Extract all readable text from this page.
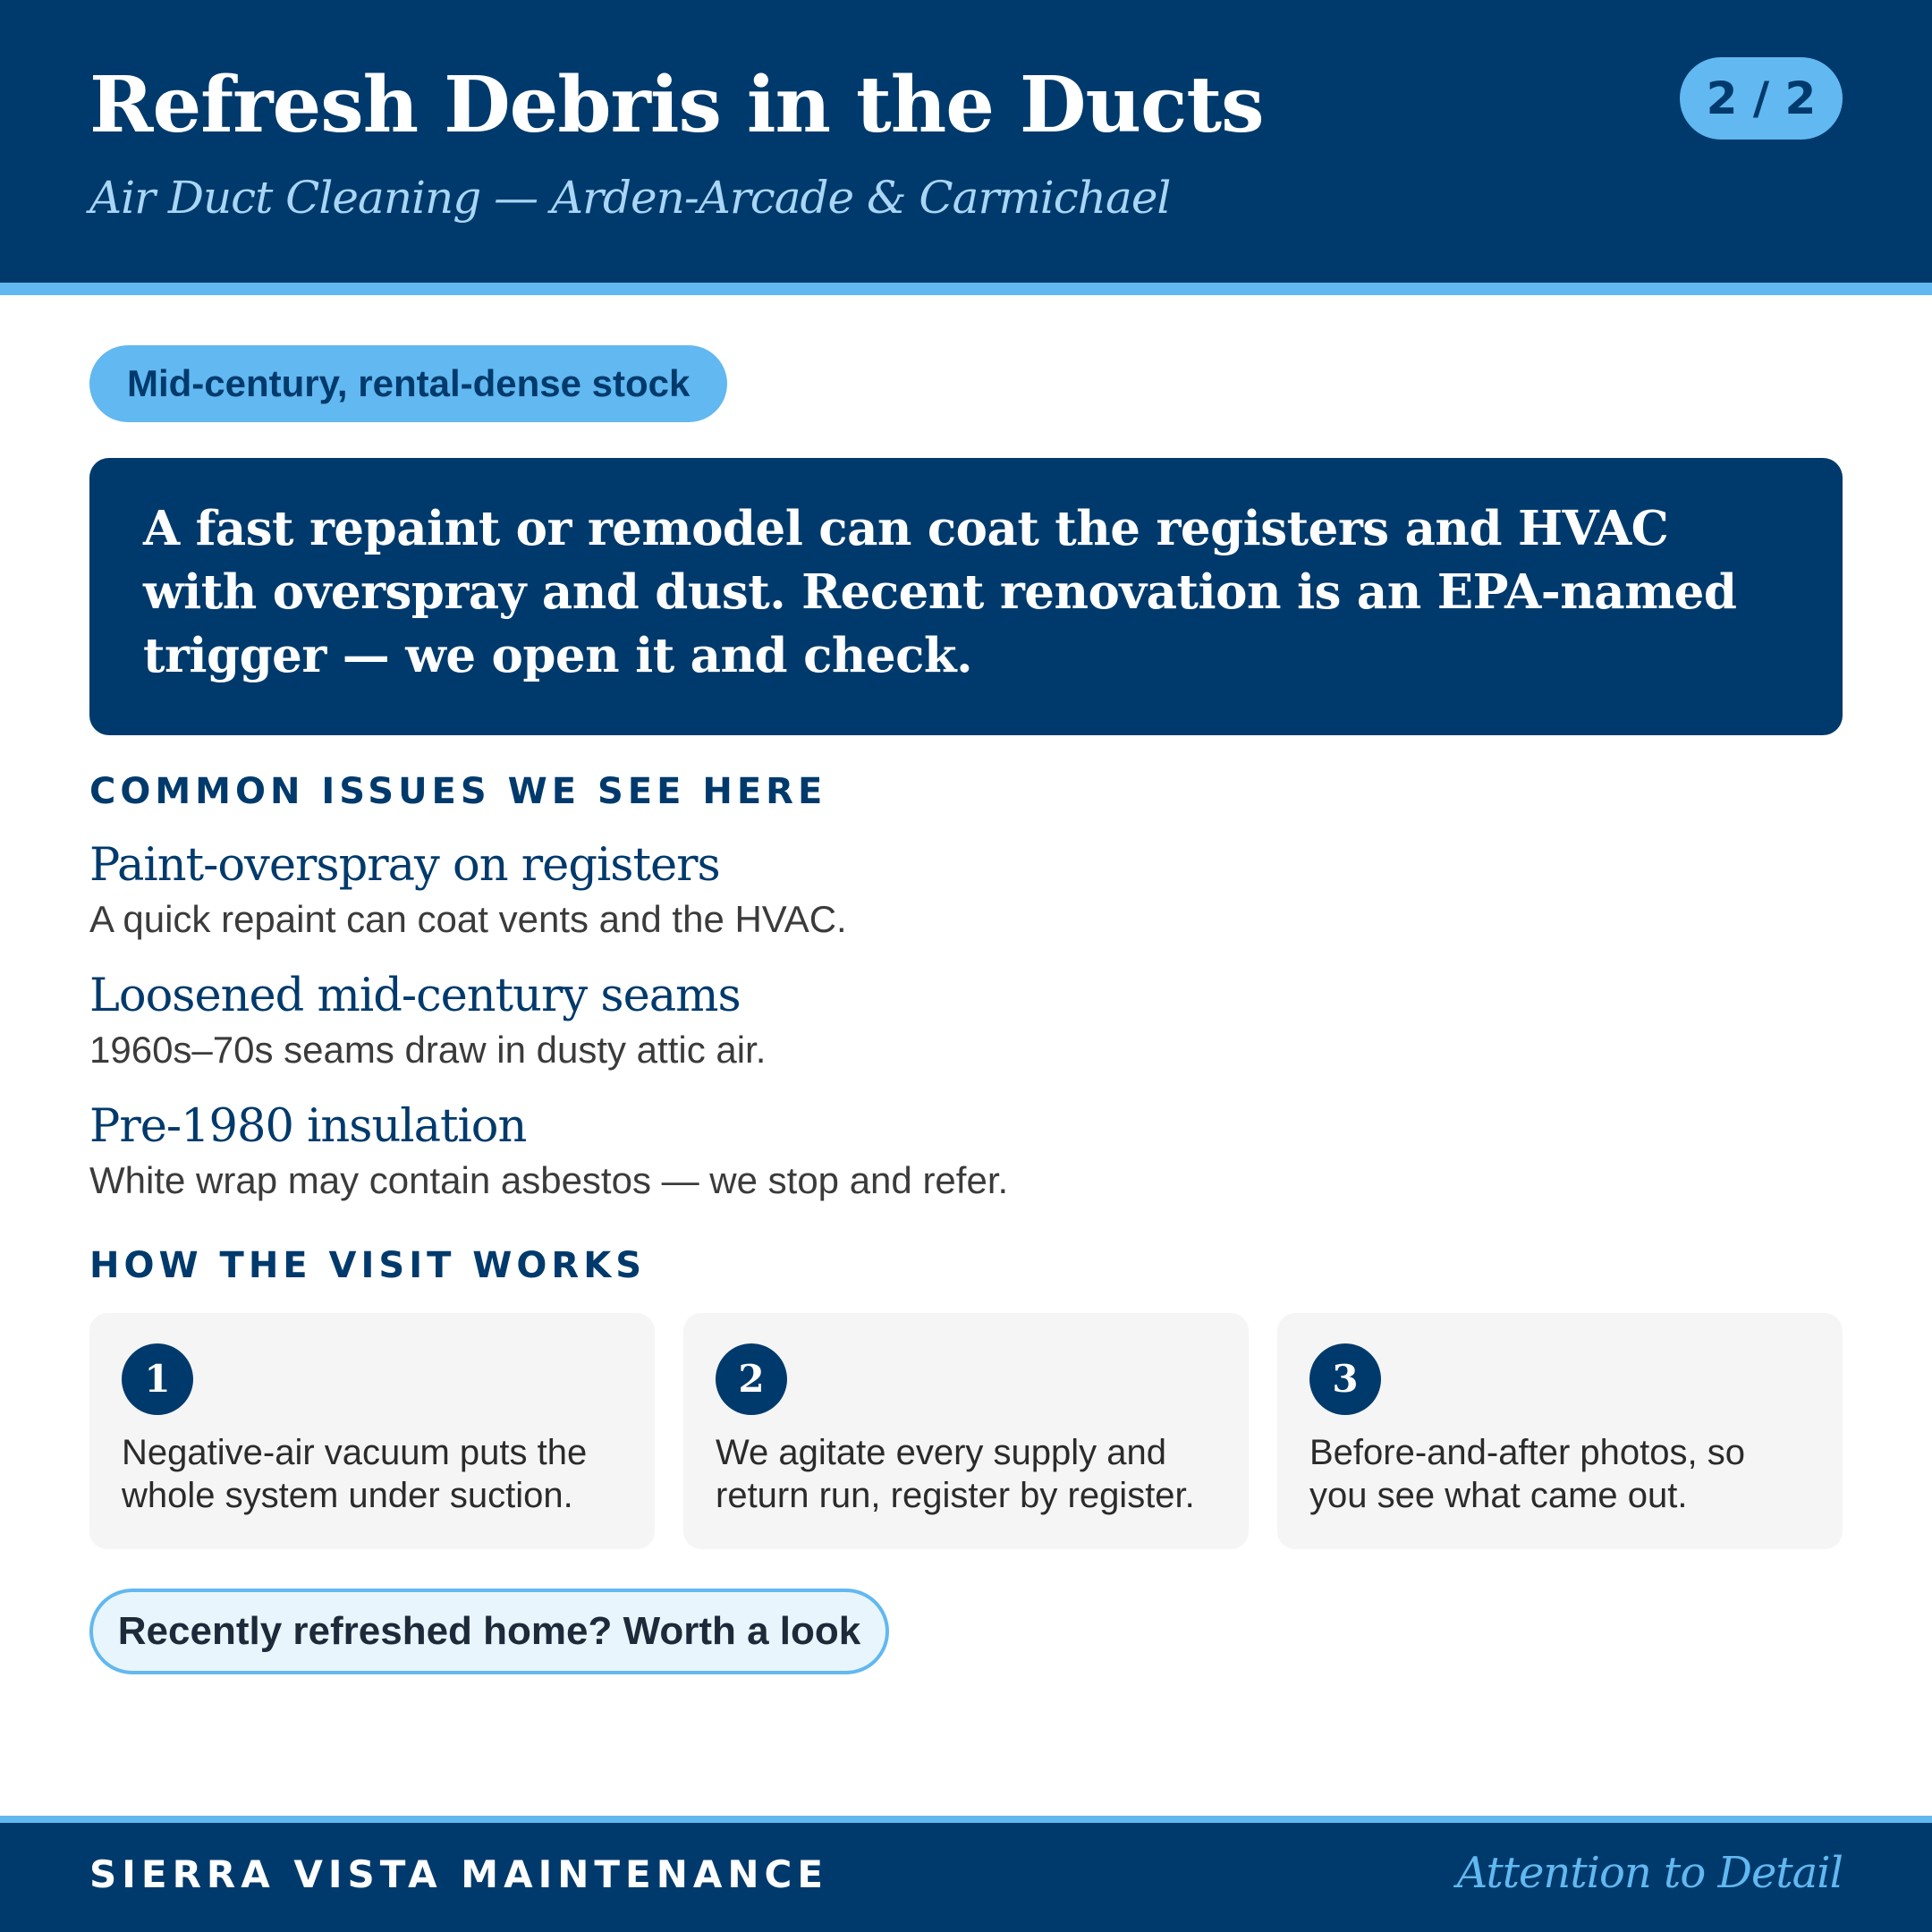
Refresh Debris in the Ducts

Air Duct Cleaning — Arden-Arcade & Carmichael

2 / 2
Mid-century, rental-dense stock
A fast repaint or remodel can coat the registers and HVAC with overspray and dust. Recent renovation is an EPA-named trigger — we open it and check.
COMMON ISSUES WE SEE HERE
Paint-overspray on registers
A quick repaint can coat vents and the HVAC.
Loosened mid-century seams
1960s–70s seams draw in dusty attic air.
Pre-1980 insulation
White wrap may contain asbestos — we stop and refer.
HOW THE VISIT WORKS
1
Negative-air vacuum puts the whole system under suction.
2
We agitate every supply and return run, register by register.
3
Before-and-after photos, so you see what came out.
Recently refreshed home? Worth a look
SIERRA VISTA MAINTENANCE	Attention to Detail
